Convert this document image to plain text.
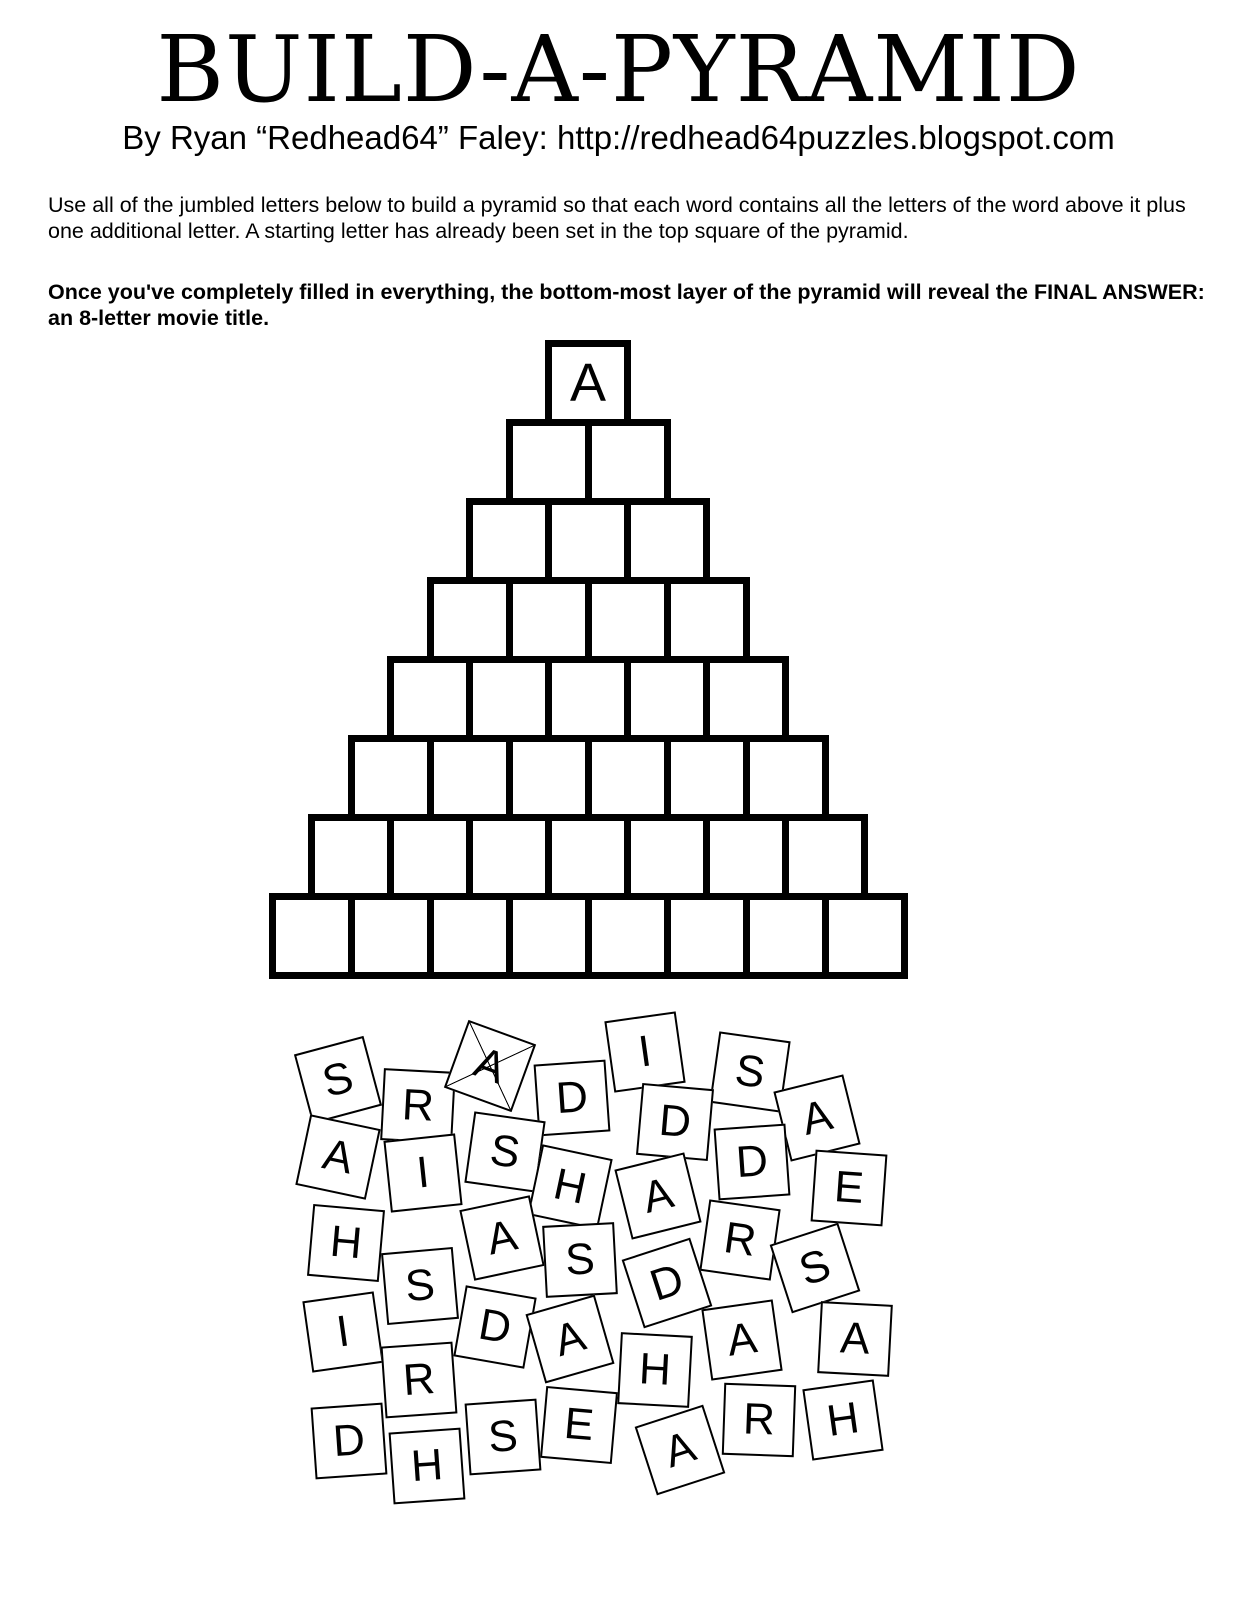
BUILD-A-PYRAMID
By Ryan “Redhead64” Faley: http://redhead64puzzles.blogspot.com

Use all of the jumbled letters below to build a pyramid so that each word contains all the letters of the word above it plus one additional letter. A starting letter has already been set in the top square of the pyramid.

Once you've completely filled in everything, the bottom-most layer of the pyramid will reveal the FINAL ANSWER: an 8-letter movie title.

A
S R
A
D
I	S
D	A
A	I	S
H	A
D
E
H	A S	R
S	D	S
I	D A
H
A	A
R
D	S E	A
R	H
H
